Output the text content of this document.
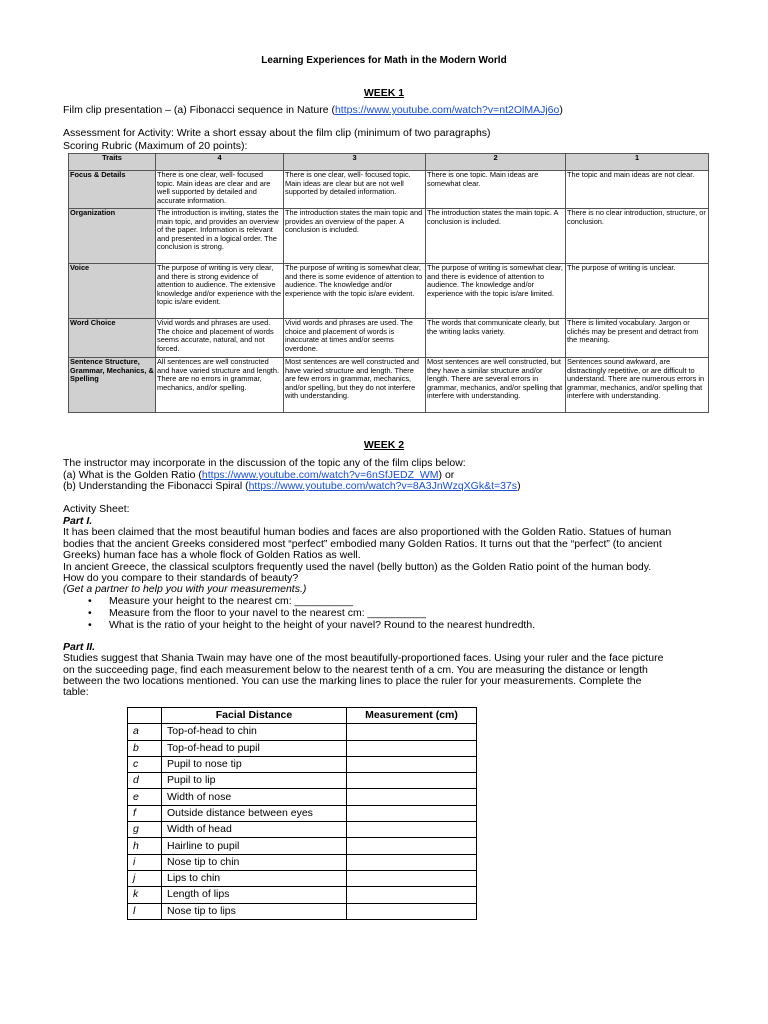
Learning Experiences for Math in the Modern World
WEEK 1
Film clip presentation – (a) Fibonacci sequence in Nature (https://www.youtube.com/watch?v=nt2OlMAJj6o)
Assessment for Activity: Write a short essay about the film clip (minimum of two paragraphs)
Scoring Rubric (Maximum of 20 points):
Traits	4	3	2	1
Focus & Details	There is one clear, well- focused topic. Main ideas are clear and are well supported by detailed and accurate information.	There is one clear, well- focused topic. Main ideas are clear but are not well supported by detailed information.	There is one topic. Main ideas are somewhat clear.	The topic and main ideas are not clear.
Organization	The introduction is inviting, states the main topic, and provides an overview of the paper. Information is relevant and presented in a logical order. The conclusion is strong.	The introduction states the main topic and provides an overview of the paper. A conclusion is included.	The introduction states the main topic. A conclusion is included.	There is no clear introduction, structure, or conclusion.
Voice	The purpose of writing is very clear, and there is strong evidence of attention to audience. The extensive knowledge and/or experience with the topic is/are evident.	The purpose of writing is somewhat clear, and there is some evidence of attention to audience. The knowledge and/or experience with the topic is/are evident.	The purpose of writing is somewhat clear, and there is evidence of attention to audience. The knowledge and/or experience with the topic is/are limited.	The purpose of writing is unclear.
Word Choice	Vivid words and phrases are used. The choice and placement of words seems accurate, natural, and not forced.	Vivid words and phrases are used. The choice and placement of words is inaccurate at times and/or seems overdone.	The words that communicate clearly, but the writing lacks variety.	There is limited vocabulary. Jargon or clichés may be present and detract from the meaning.
Sentence Structure, Grammar, Mechanics, & Spelling	All sentences are well constructed and have varied structure and length. There are no errors in grammar, mechanics, and/or spelling.	Most sentences are well constructed and have varied structure and length. There are few errors in grammar, mechanics, and/or spelling, but they do not interfere with understanding.	Most sentences are well constructed, but they have a similar structure and/or length. There are several errors in grammar, mechanics, and/or spelling that interfere with understanding.	Sentences sound awkward, are distractingly repetitive, or are difficult to understand. There are numerous errors in grammar, mechanics, and/or spelling that interfere with understanding.
WEEK 2
The instructor may incorporate in the discussion of the topic any of the film clips below:
(a) What is the Golden Ratio (https://www.youtube.com/watch?v=6nSfJEDZ_WM) or
(b) Understanding the Fibonacci Spiral (https://www.youtube.com/watch?v=8A3JnWzqXGk&t=37s)
Activity Sheet:
Part I.
It has been claimed that the most beautiful human bodies and faces are also proportioned with the Golden Ratio. Statues of human
bodies that the ancient Greeks considered most “perfect” embodied many Golden Ratios. It turns out that the “perfect” (to ancient
Greeks) human face has a whole flock of Golden Ratios as well.
In ancient Greece, the classical sculptors frequently used the navel (belly button) as the Golden Ratio point of the human body.
How do you compare to their standards of beauty?
(Get a partner to help you with your measurements.)
• Measure your height to the nearest cm: __________
• Measure from the floor to your navel to the nearest cm: __________
• What is the ratio of your height to the height of your navel? Round to the nearest hundredth.
Part II.
Studies suggest that Shania Twain may have one of the most beautifully-proportioned faces. Using your ruler and the face picture
on the succeeding page, find each measurement below to the nearest tenth of a cm. You are measuring the distance or length
between the two locations mentioned. You can use the marking lines to place the ruler for your measurements. Complete the
table:
	Facial Distance	Measurement (cm)
a	Top-of-head to chin	
b	Top-of-head to pupil	
c	Pupil to nose tip	
d	Pupil to lip	
e	Width of nose	
f	Outside distance between eyes	
g	Width of head	
h	Hairline to pupil	
i	Nose tip to chin	
j	Lips to chin	
k	Length of lips	
l	Nose tip to lips	
